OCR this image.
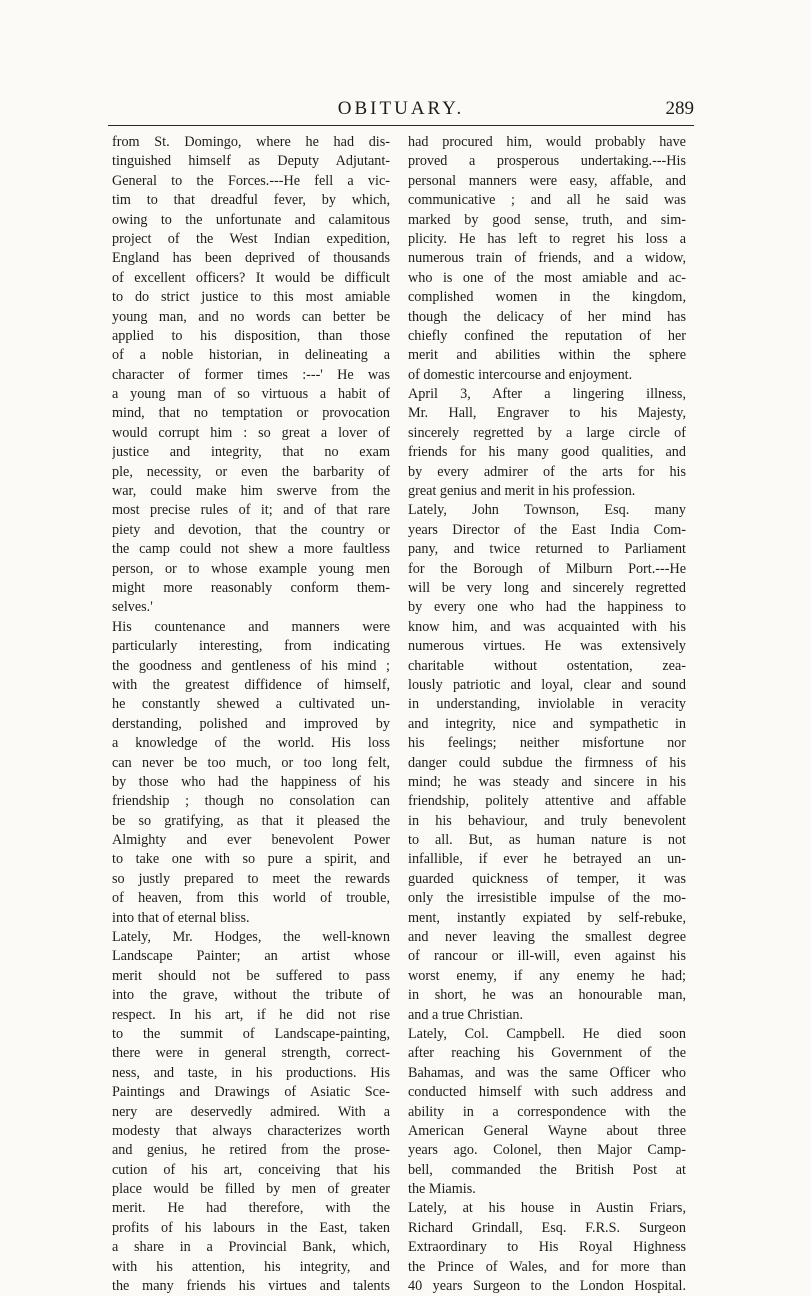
OBITUARY.	289
from St. Domingo, where he had dis-
tinguished himself as Deputy Adjutant-
General to the Forces.---He fell a vic-
tim to that dreadful fever, by which,
owing to the unfortunate and calamitous
project of the West Indian expedition,
England has been deprived of thousands
of excellent officers? It would be difficult
to do strict justice to this most amiable
young man, and no words can better be
applied to his disposition, than those
of a noble historian, in delineating a
character of former times :---' He was
a young man of so virtuous a habit of
mind, that no temptation or provocation
would corrupt him : so great a lover of
justice and integrity, that no exam
ple, necessity, or even the barbarity of
war, could make him swerve from the
most precise rules of it; and of that rare
piety and devotion, that the country or
the camp could not shew a more faultless
person, or to whose example young men
might more reasonably conform them-
selves.'
His countenance and manners were
particularly interesting, from indicating
the goodness and gentleness of his mind ;
with the greatest diffidence of himself,
he constantly shewed a cultivated un-
derstanding, polished and improved by
a knowledge of the world. His loss
can never be too much, or too long felt,
by those who had the happiness of his
friendship ; though no consolation can
be so gratifying, as that it pleased the
Almighty and ever benevolent Power
to take one with so pure a spirit, and
so justly prepared to meet the rewards
of heaven, from this world of trouble,
into that of eternal bliss.
Lately, Mr. Hodges, the well-known
Landscape Painter; an artist whose
merit should not be suffered to pass
into the grave, without the tribute of
respect. In his art, if he did not rise
to the summit of Landscape-painting,
there were in general strength, correct-
ness, and taste, in his productions. His
Paintings and Drawings of Asiatic Sce-
nery are deservedly admired. With a
modesty that always characterizes worth
and genius, he retired from the prose-
cution of his art, conceiving that his
place would be filled by men of greater
merit. He had therefore, with the
profits of his labours in the East, taken
a share in a Provincial Bank, which,
with his attention, his integrity, and
the many friends his virtues and talents
had procured him, would probably have
proved a prosperous undertaking.---His
personal manners were easy, affable, and
communicative ; and all he said was
marked by good sense, truth, and sim-
plicity. He has left to regret his loss a
numerous train of friends, and a widow,
who is one of the most amiable and ac-
complished women in the kingdom,
though the delicacy of her mind has
chiefly confined the reputation of her
merit and abilities within the sphere
of domestic intercourse and enjoyment.
April 3, After a lingering illness,
Mr. Hall, Engraver to his Majesty,
sincerely regretted by a large circle of
friends for his many good qualities, and
by every admirer of the arts for his
great genius and merit in his profession.
Lately, John Townson, Esq. many
years Director of the East India Com-
pany, and twice returned to Parliament
for the Borough of Milburn Port.---He
will be very long and sincerely regretted
by every one who had the happiness to
know him, and was acquainted with his
numerous virtues. He was extensively
charitable without ostentation, zea-
lously patriotic and loyal, clear and sound
in understanding, inviolable in veracity
and integrity, nice and sympathetic in
his feelings; neither misfortune nor
danger could subdue the firmness of his
mind; he was steady and sincere in his
friendship, politely attentive and affable
in his behaviour, and truly benevolent
to all. But, as human nature is not
infallible, if ever he betrayed an un-
guarded quickness of temper, it was
only the irresistible impulse of the mo-
ment, instantly expiated by self-rebuke,
and never leaving the smallest degree
of rancour or ill-will, even against his
worst enemy, if any enemy he had;
in short, he was an honourable man,
and a true Christian.
Lately, Col. Campbell. He died soon
after reaching his Government of the
Bahamas, and was the same Officer who
conducted himself with such address and
ability in a correspondence with the
American General Wayne about three
years ago. Colonel, then Major Camp-
bell, commanded the British Post at
the Miamis.
Lately, at his house in Austin Friars,
Richard Grindall, Esq. F.R.S. Surgeon
Extraordinary to His Royal Highness
the Prince of Wales, and for more than
40 years Surgeon to the London Hospital.
